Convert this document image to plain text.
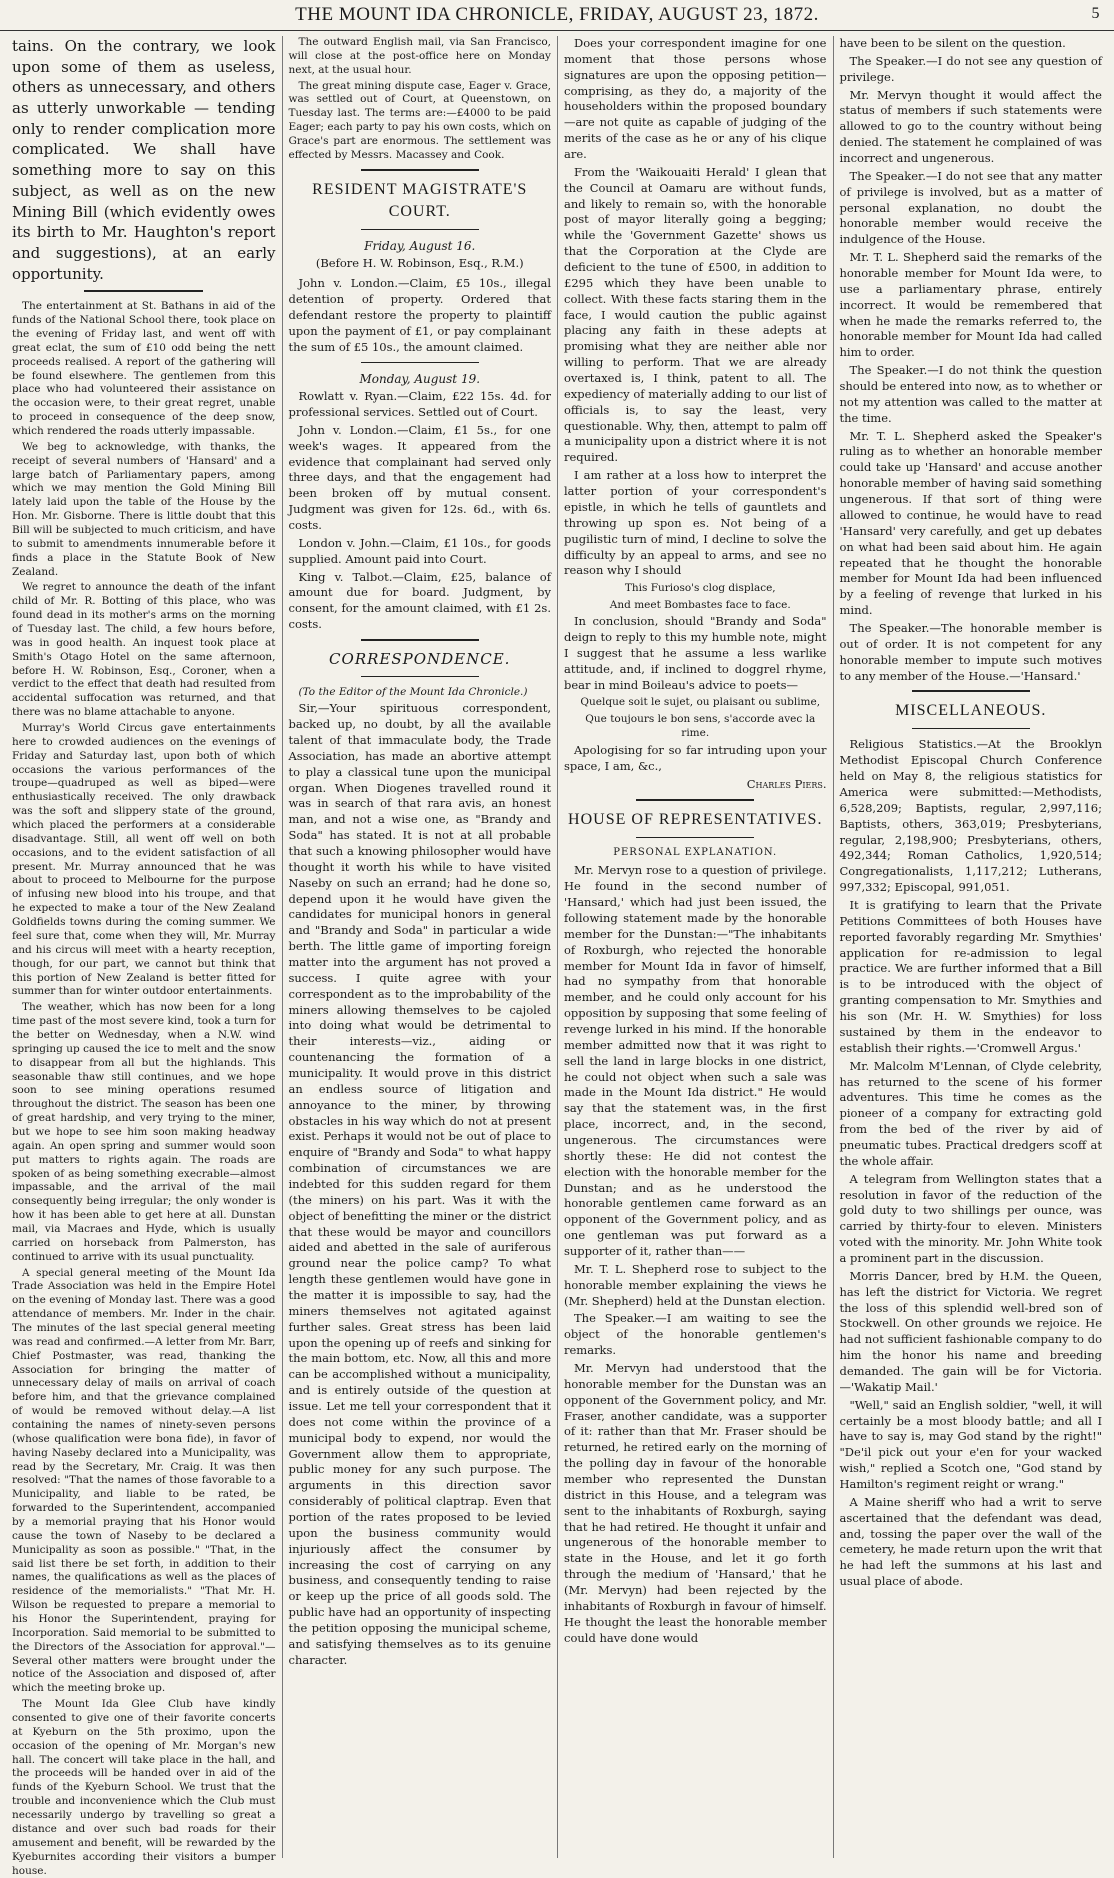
THE MOUNT IDA CHRONICLE, FRIDAY, AUGUST 23, 1872.	5

tains. On the contrary, we look upon some of them as useless, others as unnecessary, and others as utterly unworkable — tending only to render complication more complicated. We shall have something more to say on this subject, as well as on the new Mining Bill (which evidently owes its birth to Mr. Haughton's report and suggestions), at an early opportunity.

The entertainment at St. Bathans in aid of the funds of the National School there, took place on the evening of Friday last, and went off with great eclat, the sum of £10 odd being the nett proceeds realised. A report of the gathering will be found elsewhere. The gentlemen from this place who had volunteered their assistance on the occasion were, to their great regret, unable to proceed in consequence of the deep snow, which rendered the roads utterly impassable.

We beg to acknowledge, with thanks, the receipt of several numbers of 'Hansard' and a large batch of Parliamentary papers, among which we may mention the Gold Mining Bill lately laid upon the table of the House by the Hon. Mr. Gisborne. There is little doubt that this Bill will be subjected to much criticism, and have to submit to amendments innumerable before it finds a place in the Statute Book of New Zealand.

We regret to announce the death of the infant child of Mr. R. Botting of this place, who was found dead in its mother's arms on the morning of Tuesday last. The child, a few hours before, was in good health. An inquest took place at Smith's Otago Hotel on the same afternoon, before H. W. Robinson, Esq., Coroner, when a verdict to the effect that death had resulted from accidental suffocation was returned, and that there was no blame attachable to anyone.

Murray's World Circus gave entertainments here to crowded audiences on the evenings of Friday and Saturday last, upon both of which occasions the various performances of the troupe—quadruped as well as biped—were enthusiastically received. The only drawback was the soft and slippery state of the ground, which placed the performers at a considerable disadvantage. Still, all went off well on both occasions, and to the evident satisfaction of all present. Mr. Murray announced that he was about to proceed to Melbourne for the purpose of infusing new blood into his troupe, and that he expected to make a tour of the New Zealand Goldfields towns during the coming summer. We feel sure that, come when they will, Mr. Murray and his circus will meet with a hearty reception, though, for our part, we cannot but think that this portion of New Zealand is better fitted for summer than for winter outdoor entertainments.

The weather, which has now been for a long time past of the most severe kind, took a turn for the better on Wednesday, when a N.W. wind springing up caused the ice to melt and the snow to disappear from all but the highlands. This seasonable thaw still continues, and we hope soon to see mining operations resumed throughout the district. The season has been one of great hardship, and very trying to the miner, but we hope to see him soon making headway again. An open spring and summer would soon put matters to rights again. The roads are spoken of as being something execrable—almost impassable, and the arrival of the mail consequently being irregular; the only wonder is how it has been able to get here at all. Dunstan mail, via Macraes and Hyde, which is usually carried on horseback from Palmerston, has continued to arrive with its usual punctuality.

A special general meeting of the Mount Ida Trade Association was held in the Empire Hotel on the evening of Monday last. There was a good attendance of members. Mr. Inder in the chair. The minutes of the last special general meeting was read and confirmed.—A letter from Mr. Barr, Chief Postmaster, was read, thanking the Association for bringing the matter of unnecessary delay of mails on arrival of coach before him, and that the grievance complained of would be removed without delay.—A list containing the names of ninety-seven persons (whose qualification were bona fide), in favor of having Naseby declared into a Municipality, was read by the Secretary, Mr. Craig. It was then resolved: "That the names of those favorable to a Municipality, and liable to be rated, be forwarded to the Superintendent, accompanied by a memorial praying that his Honor would cause the town of Naseby to be declared a Municipality as soon as possible." "That, in the said list there be set forth, in addition to their names, the qualifications as well as the places of residence of the memorialists." "That Mr. H. Wilson be requested to prepare a memorial to his Honor the Superintendent, praying for Incorporation. Said memorial to be submitted to the Directors of the Association for approval."—Several other matters were brought under the notice of the Association and disposed of, after which the meeting broke up.

The Mount Ida Glee Club have kindly consented to give one of their favorite concerts at Kyeburn on the 5th proximo, upon the occasion of the opening of Mr. Morgan's new hall. The concert will take place in the hall, and the proceeds will be handed over in aid of the funds of the Kyeburn School. We trust that the trouble and inconvenience which the Club must necessarily undergo by travelling so great a distance and over such bad roads for their amusement and benefit, will be rewarded by the Kyeburnites according their visitors a bumper house.

The outward English mail, via San Francisco, will close at the post-office here on Monday next, at the usual hour.

The great mining dispute case, Eager v. Grace, was settled out of Court, at Queenstown, on Tuesday last. The terms are:—£4000 to be paid Eager; each party to pay his own costs, which on Grace's part are enormous. The settlement was effected by Messrs. Macassey and Cook.

RESIDENT MAGISTRATE'S COURT.
Friday, August 16.
(Before H. W. Robinson, Esq., R.M.)

John v. London.—Claim, £5 10s., illegal detention of property. Ordered that defendant restore the property to plaintiff upon the payment of £1, or pay complainant the sum of £5 10s., the amount claimed.

Monday, August 19.

Rowlatt v. Ryan.—Claim, £22 15s. 4d. for professional services. Settled out of Court.

John v. London.—Claim, £1 5s., for one week's wages. It appeared from the evidence that complainant had served only three days, and that the engagement had been broken off by mutual consent. Judgment was given for 12s. 6d., with 6s. costs.

London v. John.—Claim, £1 10s., for goods supplied. Amount paid into Court.

King v. Talbot.—Claim, £25, balance of amount due for board. Judgment, by consent, for the amount claimed, with £1 2s. costs.

CORRESPONDENCE.

(To the Editor of the Mount Ida Chronicle.)

Sir,—Your spirituous correspondent, backed up, no doubt, by all the available talent of that immaculate body, the Trade Association, has made an abortive attempt to play a classical tune upon the municipal organ. When Diogenes travelled round it was in search of that rara avis, an honest man, and not a wise one, as "Brandy and Soda" has stated. It is not at all probable that such a knowing philosopher would have thought it worth his while to have visited Naseby on such an errand; had he done so, depend upon it he would have given the candidates for municipal honors in general and "Brandy and Soda" in particular a wide berth. The little game of importing foreign matter into the argument has not proved a success. I quite agree with your correspondent as to the improbability of the miners allowing themselves to be cajoled into doing what would be detrimental to their interests—viz., aiding or countenancing the formation of a municipality. It would prove in this district an endless source of litigation and annoyance to the miner, by throwing obstacles in his way which do not at present exist. Perhaps it would not be out of place to enquire of "Brandy and Soda" to what happy combination of circumstances we are indebted for this sudden regard for them (the miners) on his part. Was it with the object of benefitting the miner or the district that these would be mayor and councillors aided and abetted in the sale of auriferous ground near the police camp? To what length these gentlemen would have gone in the matter it is impossible to say, had the miners themselves not agitated against further sales. Great stress has been laid upon the opening up of reefs and sinking for the main bottom, etc. Now, all this and more can be accomplished without a municipality, and is entirely outside of the question at issue. Let me tell your correspondent that it does not come within the province of a municipal body to expend, nor would the Government allow them to appropriate, public money for any such purpose. The arguments in this direction savor considerably of political claptrap. Even that portion of the rates proposed to be levied upon the business community would injuriously affect the consumer by increasing the cost of carrying on any business, and consequently tending to raise or keep up the price of all goods sold. The public have had an opportunity of inspecting the petition opposing the municipal scheme, and satisfying themselves as to its genuine character.

Does your correspondent imagine for one moment that those persons whose signatures are upon the opposing petition—comprising, as they do, a majority of the householders within the proposed boundary—are not quite as capable of judging of the merits of the case as he or any of his clique are.

From the 'Waikouaiti Herald' I glean that the Council at Oamaru are without funds, and likely to remain so, with the honorable post of mayor literally going a begging; while the 'Government Gazette' shows us that the Corporation at the Clyde are deficient to the tune of £500, in addition to £295 which they have been unable to collect. With these facts staring them in the face, I would caution the public against placing any faith in these adepts at promising what they are neither able nor willing to perform. That we are already overtaxed is, I think, patent to all. The expediency of materially adding to our list of officials is, to say the least, very questionable. Why, then, attempt to palm off a municipality upon a district where it is not required.

I am rather at a loss how to interpret the latter portion of your correspondent's epistle, in which he tells of gauntlets and throwing up spon es. Not being of a pugilistic turn of mind, I decline to solve the difficulty by an appeal to arms, and see no reason why I should

This Furioso's clog displace,

And meet Bombastes face to face.

In conclusion, should "Brandy and Soda" deign to reply to this my humble note, might I suggest that he assume a less warlike attitude, and, if inclined to doggrel rhyme, bear in mind Boileau's advice to poets—

Quelque soit le sujet, ou plaisant ou sublime,

Que toujours le bon sens, s'accorde avec la rime.

Apologising for so far intruding upon your space, I am, &c.,

Charles Piers.

HOUSE OF REPRESENTATIVES.
PERSONAL EXPLANATION.

Mr. Mervyn rose to a question of privilege. He found in the second number of 'Hansard,' which had just been issued, the following statement made by the honorable member for the Dunstan:—"The inhabitants of Roxburgh, who rejected the honorable member for Mount Ida in favor of himself, had no sympathy from that honorable member, and he could only account for his opposition by supposing that some feeling of revenge lurked in his mind. If the honorable member admitted now that it was right to sell the land in large blocks in one district, he could not object when such a sale was made in the Mount Ida district." He would say that the statement was, in the first place, incorrect, and, in the second, ungenerous. The circumstances were shortly these: He did not contest the election with the honorable member for the Dunstan; and as he understood the honorable gentlemen came forward as an opponent of the Government policy, and as one gentleman was put forward as a supporter of it, rather than——

Mr. T. L. Shepherd rose to subject to the honorable member explaining the views he (Mr. Shepherd) held at the Dunstan election.

The Speaker.—I am waiting to see the object of the honorable gentlemen's remarks.

Mr. Mervyn had understood that the honorable member for the Dunstan was an opponent of the Government policy, and Mr. Fraser, another candidate, was a supporter of it: rather than that Mr. Fraser should be returned, he retired early on the morning of the polling day in favour of the honorable member who represented the Dunstan district in this House, and a telegram was sent to the inhabitants of Roxburgh, saying that he had retired. He thought it unfair and ungenerous of the honorable member to state in the House, and let it go forth through the medium of 'Hansard,' that he (Mr. Mervyn) had been rejected by the inhabitants of Roxburgh in favour of himself. He thought the least the honorable member could have done would

have been to be silent on the question.

The Speaker.—I do not see any question of privilege.

Mr. Mervyn thought it would affect the status of members if such statements were allowed to go to the country without being denied. The statement he complained of was incorrect and ungenerous.

The Speaker.—I do not see that any matter of privilege is involved, but as a matter of personal explanation, no doubt the honorable member would receive the indulgence of the House.

Mr. T. L. Shepherd said the remarks of the honorable member for Mount Ida were, to use a parliamentary phrase, entirely incorrect. It would be remembered that when he made the remarks referred to, the honorable member for Mount Ida had called him to order.

The Speaker.—I do not think the question should be entered into now, as to whether or not my attention was called to the matter at the time.

Mr. T. L. Shepherd asked the Speaker's ruling as to whether an honorable member could take up 'Hansard' and accuse another honorable member of having said something ungenerous. If that sort of thing were allowed to continue, he would have to read 'Hansard' very carefully, and get up debates on what had been said about him. He again repeated that he thought the honorable member for Mount Ida had been influenced by a feeling of revenge that lurked in his mind.

The Speaker.—The honorable member is out of order. It is not competent for any honorable member to impute such motives to any member of the House.—'Hansard.'

MISCELLANEOUS.

Religious Statistics.—At the Brooklyn Methodist Episcopal Church Conference held on May 8, the religious statistics for America were submitted:—Methodists, 6,528,209; Baptists, regular, 2,997,116; Baptists, others, 363,019; Presbyterians, regular, 2,198,900; Presbyterians, others, 492,344; Roman Catholics, 1,920,514; Congregationalists, 1,117,212; Lutherans, 997,332; Episcopal, 991,051.

It is gratifying to learn that the Private Petitions Committees of both Houses have reported favorably regarding Mr. Smythies' application for re-admission to legal practice. We are further informed that a Bill is to be introduced with the object of granting compensation to Mr. Smythies and his son (Mr. H. W. Smythies) for loss sustained by them in the endeavor to establish their rights.—'Cromwell Argus.'

Mr. Malcolm M'Lennan, of Clyde celebrity, has returned to the scene of his former adventures. This time he comes as the pioneer of a company for extracting gold from the bed of the river by aid of pneumatic tubes. Practical dredgers scoff at the whole affair.

A telegram from Wellington states that a resolution in favor of the reduction of the gold duty to two shillings per ounce, was carried by thirty-four to eleven. Ministers voted with the minority. Mr. John White took a prominent part in the discussion.

Morris Dancer, bred by H.M. the Queen, has left the district for Victoria. We regret the loss of this splendid well-bred son of Stockwell. On other grounds we rejoice. He had not sufficient fashionable company to do him the honor his name and breeding demanded. The gain will be for Victoria.—'Wakatip Mail.'

"Well," said an English soldier, "well, it will certainly be a most bloody battle; and all I have to say is, may God stand by the right!" "De'il pick out your e'en for your wacked wish," replied a Scotch one, "God stand by Hamilton's regiment reight or wrang."

A Maine sheriff who had a writ to serve ascertained that the defendant was dead, and, tossing the paper over the wall of the cemetery, he made return upon the writ that he had left the summons at his last and usual place of abode.
